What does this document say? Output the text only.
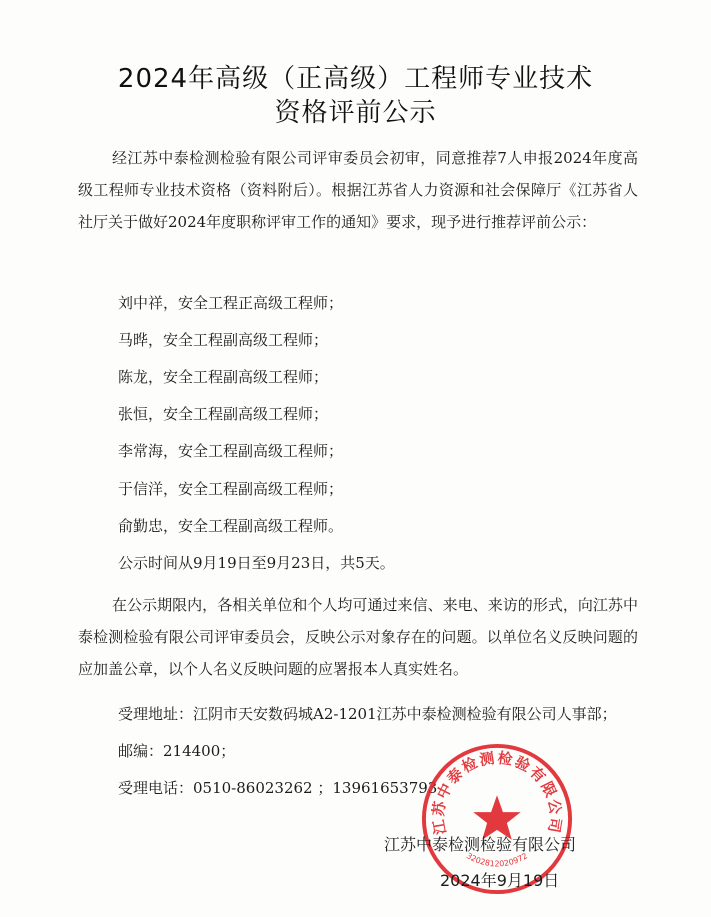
2024年高级（正高级）工程师专业技术
资格评前公示

经江苏中泰检测检验有限公司评审委员会初审，同意推荐7人申报2024年度高级工程师专业技术资格（资料附后）。根据江苏省人力资源和社会保障厅《江苏省人社厅关于做好2024年度职称评审工作的通知》要求，现予进行推荐评前公示：

刘中祥，安全工程正高级工程师；

马晔，安全工程副高级工程师；

陈龙，安全工程副高级工程师；

张恒，安全工程副高级工程师；

李常海，安全工程副高级工程师；

于信洋，安全工程副高级工程师；

俞勤忠，安全工程副高级工程师。

公示时间从9月19日至9月23日，共5天。

在公示期限内，各相关单位和个人均可通过来信、来电、来访的形式，向江苏中泰检测检验有限公司评审委员会，反映公示对象存在的问题。以单位名义反映问题的应加盖公章，以个人名义反映问题的应署报本人真实姓名。

受理地址：江阴市天安数码城A2-1201江苏中泰检测检验有限公司人事部；

邮编：214400；

受理电话：0510-86023262 ；13961653793

江苏中泰检测检验有限公司
3202812020972

江苏中泰检测检验有限公司

2024年9月19日
